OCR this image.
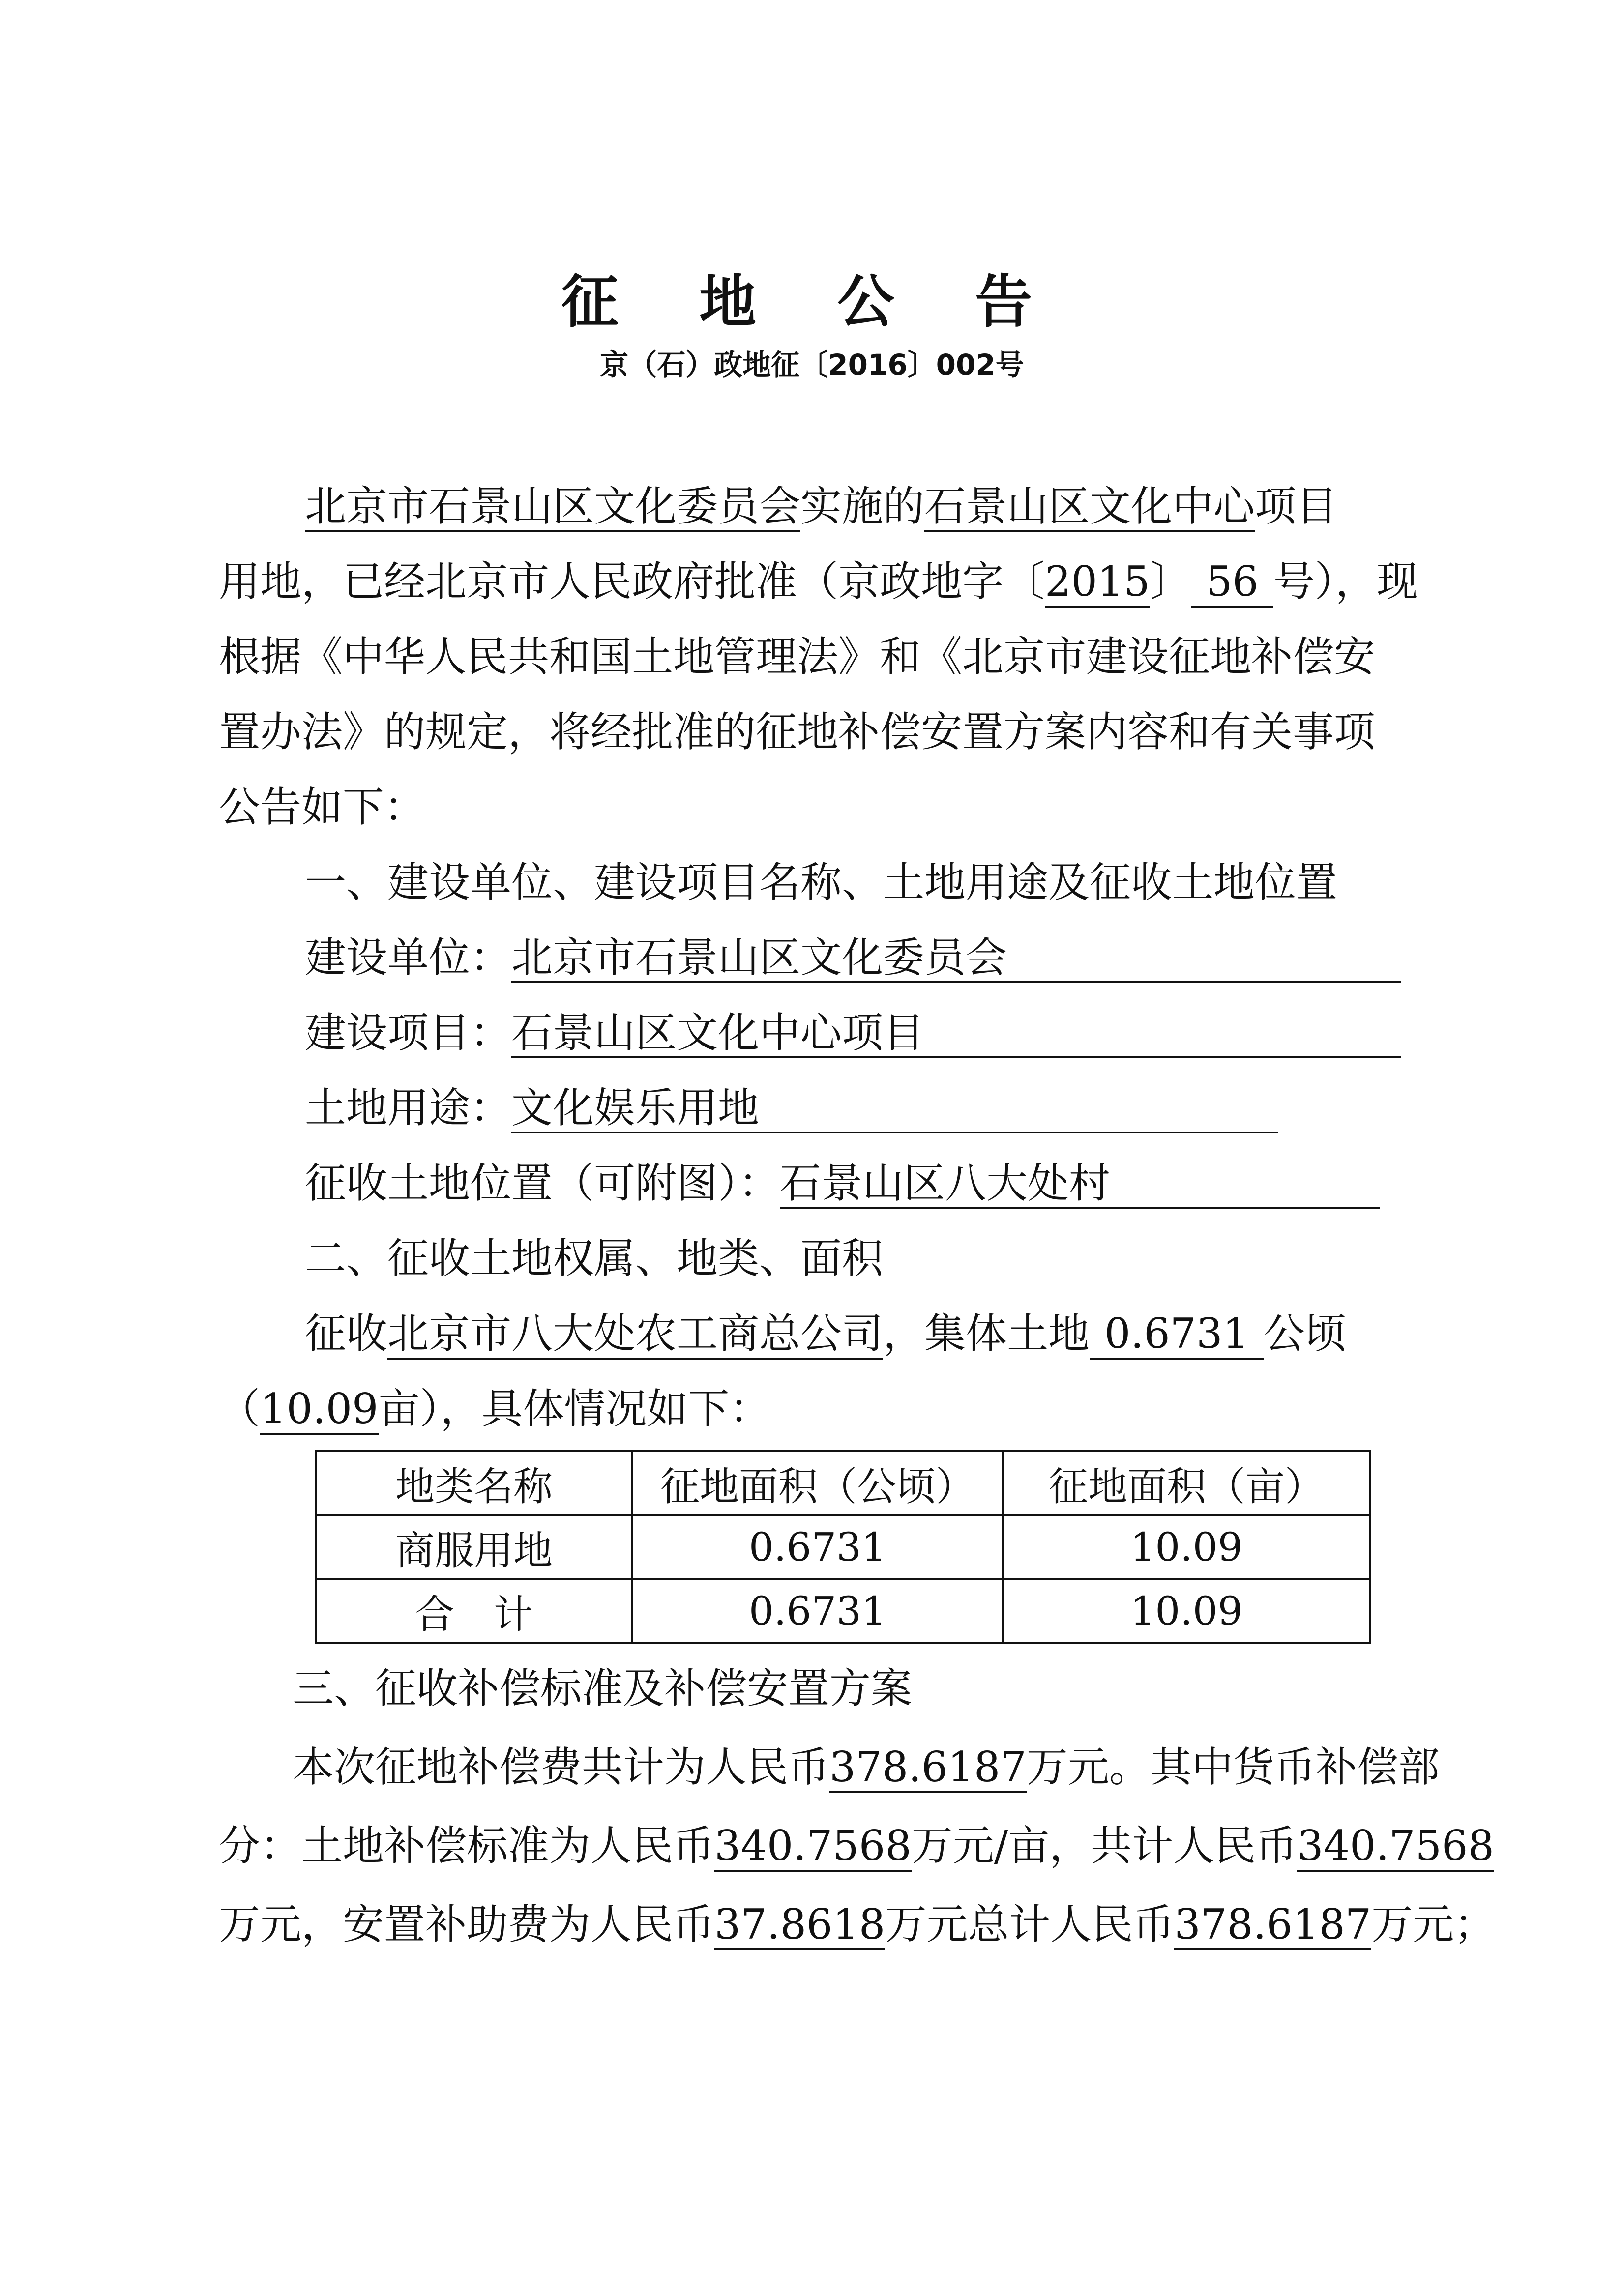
征 地 公 告
京（石）政地征〔2016〕002号
北京市石景山区文化委员会实施的石景山区文化中心项目
用地，已经北京市人民政府批准（京政地字〔2015〕 56 号），现
根据《中华人民共和国土地管理法》和《北京市建设征地补偿安
置办法》的规定，将经批准的征地补偿安置方案内容和有关事项
公告如下：
一、建设单位、建设项目名称、土地用途及征收土地位置
建设单位：北京市石景山区文化委员会
建设项目：石景山区文化中心项目
土地用途：文化娱乐用地
征收土地位置（可附图）：石景山区八大处村
二、征收土地权属、地类、面积
征收北京市八大处农工商总公司，集体土地 0.6731 公顷
（10.09亩），具体情况如下：
地类名称	征地面积（公顷）	征地面积（亩）
商服用地	0.6731	10.09
合　计	0.6731	10.09
三、征收补偿标准及补偿安置方案
本次征地补偿费共计为人民币378.6187万元。其中货币补偿部
分：土地补偿标准为人民币340.7568万元/亩，共计人民币340.7568
万元，安置补助费为人民币37.8618万元总计人民币378.6187万元；
